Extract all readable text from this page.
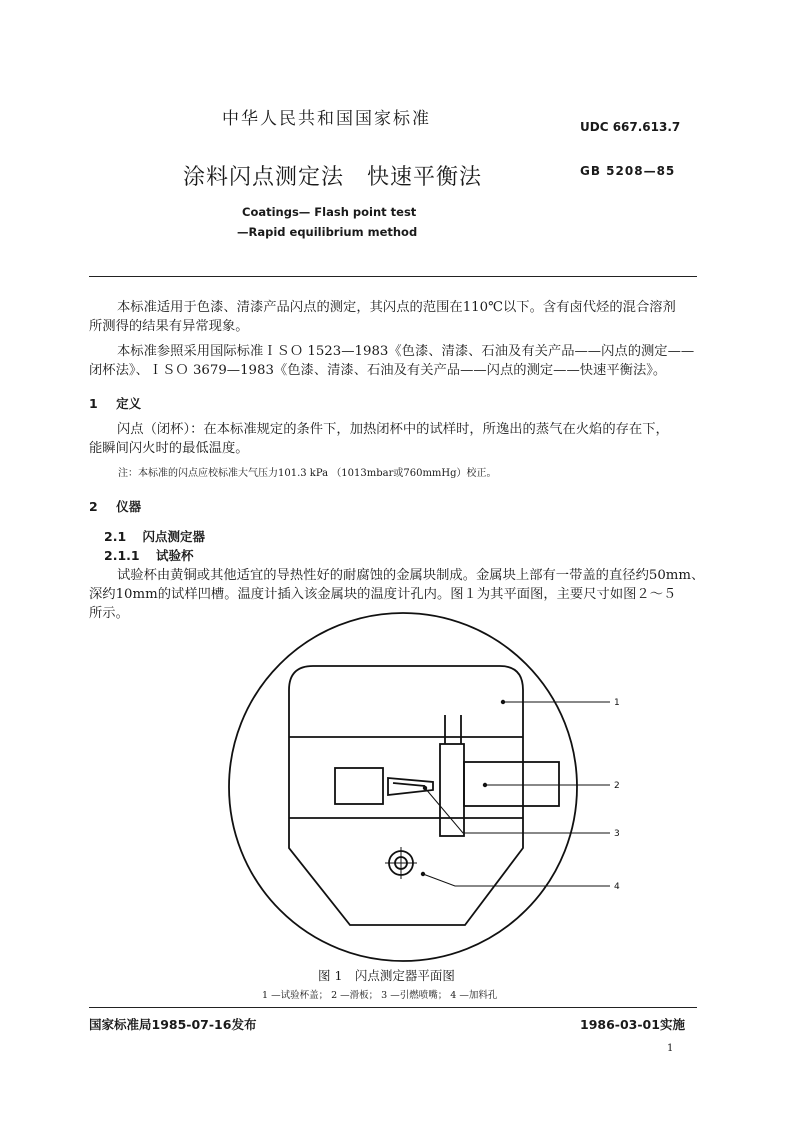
中华人民共和国国家标准	UDC 667.613.7
涂料闪点测定法　快速平衡法	GB 5208—85
Coatings— Flash point test
—Rapid equilibrium method
本标准适用于色漆、清漆产品闪点的测定，其闪点的范围在110℃以下。含有卤代烃的混合溶剂
所测得的结果有异常现象。
本标准参照采用国际标准ＩＳＯ 1523—1983《色漆、清漆、石油及有关产品——闪点的测定——
闭杯法》、ＩＳＯ 3679—1983《色漆、清漆、石油及有关产品——闪点的测定——快速平衡法》。
1 定义
闪点（闭杯）：在本标准规定的条件下，加热闭杯中的试样时，所逸出的蒸气在火焰的存在下，
能瞬间闪火时的最低温度。
注：本标准的闪点应校标准大气压力101.3 kPa （1013mbar或760mmHg）校正。
2 仪器
2.1 闪点测定器
2.1.1 试验杯
试验杯由黄铜或其他适宜的导热性好的耐腐蚀的金属块制成。金属块上部有一带盖的直径约50mm、
深约10mm的试样凹槽。温度计插入该金属块的温度计孔内。图１为其平面图，主要尺寸如图２～５
所示。
1
2
3
4
图 1　闪点测定器平面图
1 —试验杯盖； 2 —滑板； 3 —引燃喷嘴； 4 —加料孔
国家标准局1985-07-16发布	1986-03-01实施
1
